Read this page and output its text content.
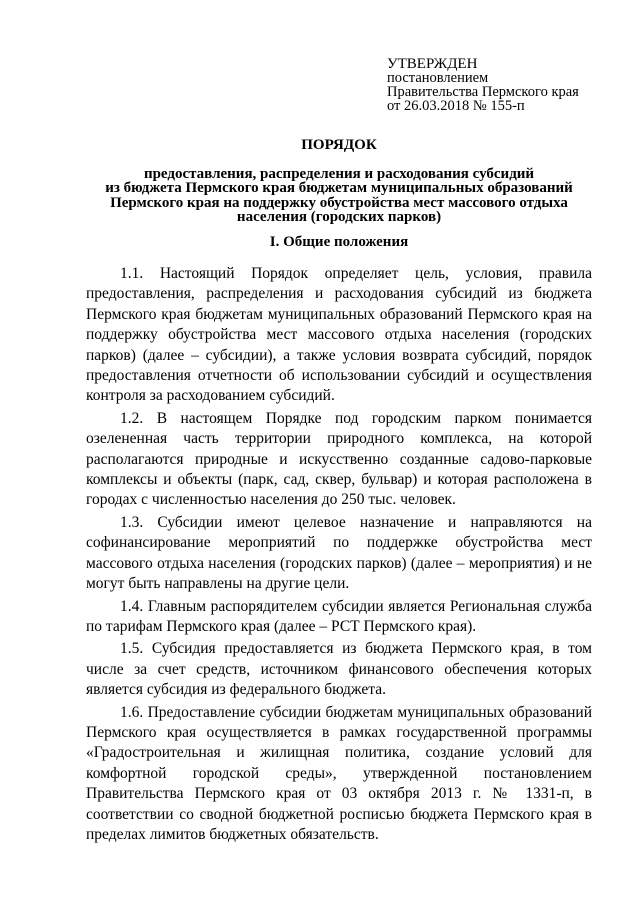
УТВЕРЖДЕН
постановлением
Правительства Пермского края
от 26.03.2018 № 155-п
ПОРЯДОК
предоставления, распределения и расходования субсидий
из бюджета Пермского края бюджетам муниципальных образований
Пермского края на поддержку обустройства мест массового отдыха
населения (городских парков)
I. Общие положения

1.1. Настоящий Порядок определяет цель, условия, правила предоставления, распределения и расходования субсидий из бюджета Пермского края бюджетам муниципальных образований Пермского края на поддержку обустройства мест массового отдыха населения (городских парков) (далее – субсидии), а также условия возврата субсидий, порядок предоставления отчетности об использовании субсидий и осуществления контроля за расходованием субсидий.

1.2. В настоящем Порядке под городским парком понимается озелененная часть территории природного комплекса, на которой располагаются природные и искусственно созданные садово-парковые комплексы и объекты (парк, сад, сквер, бульвар) и которая расположена в городах с численностью населения до 250 тыс. человек.

1.3. Субсидии имеют целевое назначение и направляются на софинансирование мероприятий по поддержке обустройства мест массового отдыха населения (городских парков) (далее – мероприятия) и не могут быть направлены на другие цели.

1.4. Главным распорядителем субсидии является Региональная служба по тарифам Пермского края (далее – РСТ Пермского края).

1.5. Субсидия предоставляется из бюджета Пермского края, в том числе за счет средств, источником финансового обеспечения которых является субсидия из федерального бюджета.

1.6. Предоставление субсидии бюджетам муниципальных образований Пермского края осуществляется в рамках государственной программы «Градостроительная и жилищная политика, создание условий для комфортной городской среды», утвержденной постановлением Правительства Пермского края от 03 октября 2013 г. № 1331-п, в соответствии со сводной бюджетной росписью бюджета Пермского края в пределах лимитов бюджетных обязательств.
